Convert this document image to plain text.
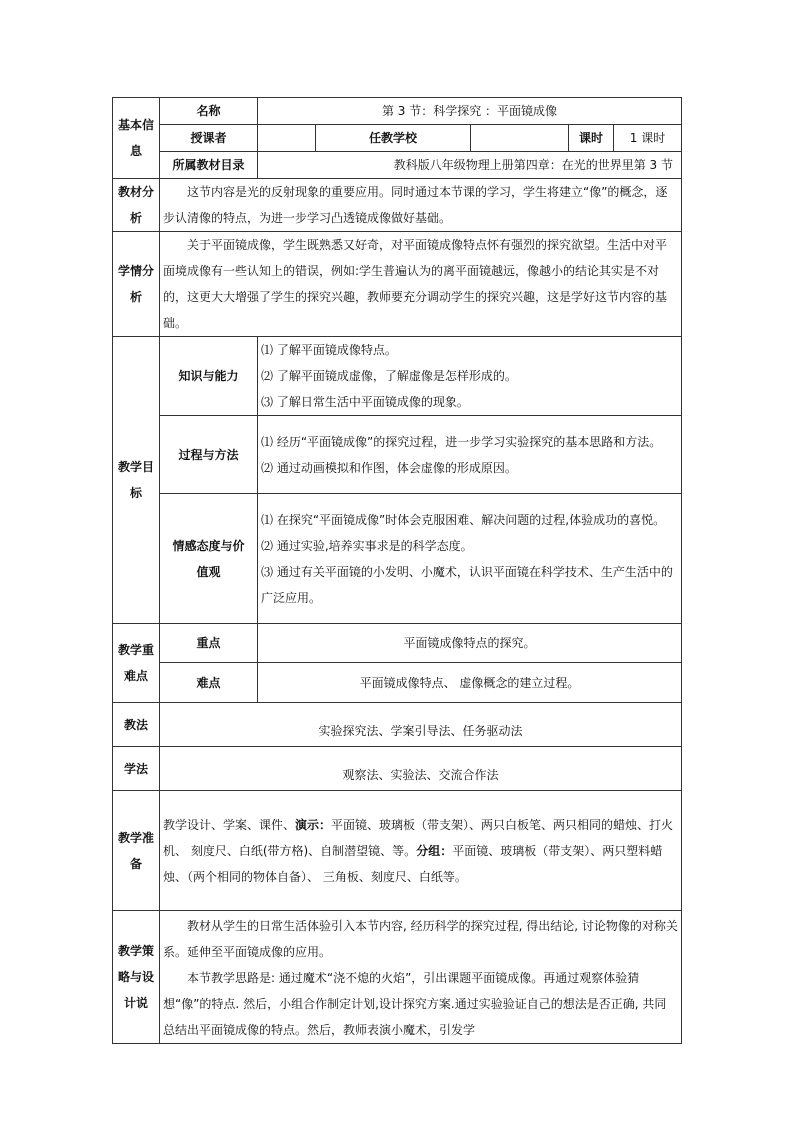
基本信息	名称	第 3 节：科学探究 ：平面镜成像				
	授课者		任教学校		课时	1 课时
	所属教材目录	教科版八年级物理上册第四章：在光的世界里第 3 节				
教材分析	这节内容是光的反射现象的重要应用。同时通过本节课的学习，学生将建立“像”的概念，逐步认清像的特点，为进一步学习凸透镜成像做好基础。					

学情分析	关于平面镜成像，学生既熟悉又好奇，对平面镜成像特点怀有强烈的探究欲望。生活中对平面境成像有一些认知上的错误，例如:学生普遍认为的离平面镜越远，像越小的结论其实是不对的，这更大大增强了学生的探究兴趣，教师要充分调动学生的探究兴趣，这是学好这节内容的基础。					

教学目标	知识与能力	⑴ 了解平面镜成像特点。

⑵ 了解平面镜成虚像，了解虚像是怎样形成的。

⑶ 了解日常生活中平面镜成像的现象。				

	过程与方法	⑴ 经历“平面镜成像”的探究过程，进一步学习实验探究的基本思路和方法。

⑵ 通过动画模拟和作图，体会虚像的形成原因。				

	情感态度与价值观	⑴ 在探究“平面镜成像”时体会克服困难、解决问题的过程,体验成功的喜悦。

⑵ 通过实验,培养实事求是的科学态度。

⑶ 通过有关平面镜的小发明、小魔术，认识平面镜在科学技术、生产生活中的广泛应用。				

教学重难点	重点	平面镜成像特点的探究。				
	难点	平面镜成像特点、 虚像概念的建立过程。				
教法	实验探究法、学案引导法、任务驱动法					
学法	观察法、实验法、交流合作法					
教学准备	教学设计、学案、课件、演示：平面镜、玻璃板（带支架）、两只白板笔、两只相同的蜡烛、打火机、 刻度尺、白纸(带方格)、自制潜望镜、等。分组：平面镜、玻璃板（带支架）、两只塑料蜡烛、（两个相同的物体自备）、 三角板、刻度尺、白纸等。					
教学策略与设计说	教材从学生的日常生活体验引入本节内容, 经历科学的探究过程, 得出结论, 讨论物像的对称关系。延伸至平面镜成像的应用。

本节教学思路是: 通过魔术“浇不熄的火焰”，引出课题平面镜成像。再通过观察体验猜想“像”的特点. 然后，小组合作制定计划,设计探究方案.通过实验验证自己的想法是否正确, 共同总结出平面镜成像的特点。然后，教师表演小魔术，引发学					
